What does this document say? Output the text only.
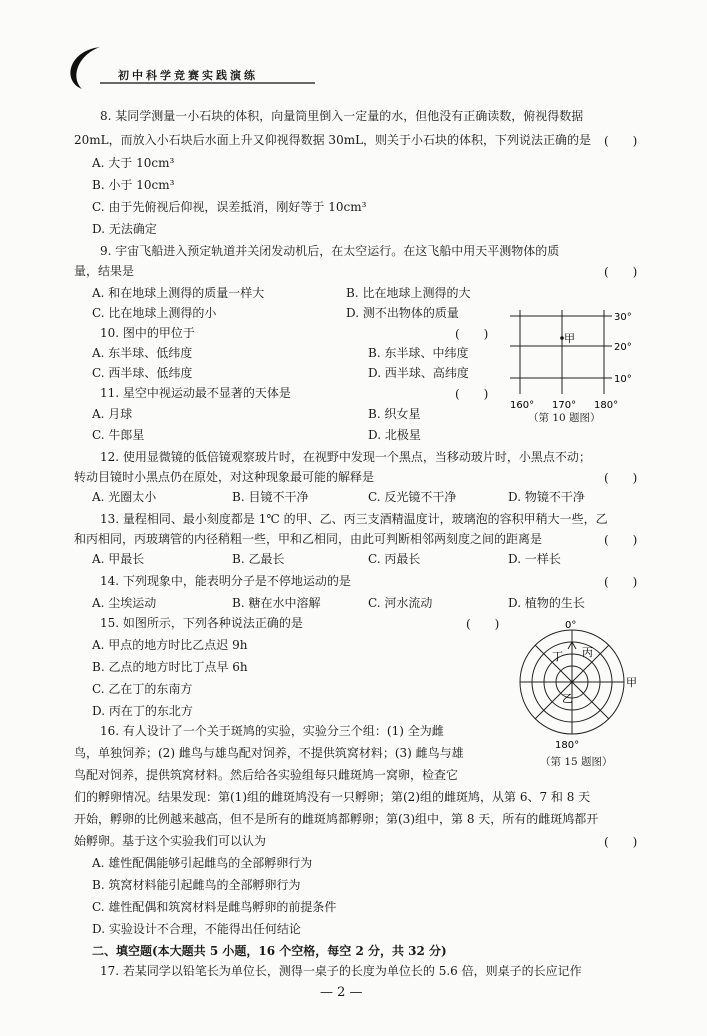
初中科学竞赛实践演练
8. 某同学测量一小石块的体积，向量筒里倒入一定量的水，但他没有正确读数，俯视得数据
20mL，而放入小石块后水面上升又仰视得数据 30mL，则关于小石块的体积，下列说法正确的是 (　　)
A. 大于 10cm³
B. 小于 10cm³
C. 由于先俯视后仰视，误差抵消，刚好等于 10cm³
D. 无法确定
9. 宇宙飞船进入预定轨道并关闭发动机后，在太空运行。在这飞船中用天平测物体的质
量，结果是	(　　)
A. 和在地球上测得的质量一样大	B. 比在地球上测得的大
C. 比在地球上测得的小	D. 测不出物体的质量
10. 图中的甲位于	(　　)
A. 东半球、低纬度	B. 东半球、中纬度
C. 西半球、低纬度	D. 西半球、高纬度
11. 星空中视运动最不显著的天体是	(　　)
A. 月球	B. 织女星
C. 牛郎星	D. 北极星
甲
30°
20°
10°
160° 170° 180°
（第 10 题图）
12. 使用显微镜的低倍镜观察玻片时，在视野中发现一个黑点，当移动玻片时，小黑点不动；
转动目镜时小黑点仍在原处，对这种现象最可能的解释是	(　　)
A. 光圈太小	B. 目镜不干净	C. 反光镜不干净	D. 物镜不干净
13. 量程相同、最小刻度都是 1℃ 的甲、乙、丙三支酒精温度计，玻璃泡的容积甲稍大一些，乙
和丙相同，丙玻璃管的内径稍粗一些，甲和乙相同，由此可判断相邻两刻度之间的距离是	(　　)
A. 甲最长	B. 乙最长	C. 丙最长	D. 一样长
14. 下列现象中，能表明分子是不停地运动的是	(　　)
A. 尘埃运动	B. 糖在水中溶解	C. 河水流动	D. 植物的生长
15. 如图所示，下列各种说法正确的是	(　　)
A. 甲点的地方时比乙点迟 9h
B. 乙点的地方时比丁点早 6h
C. 乙在丁的东南方
D. 丙在丁的东北方
0°
180°
丁 丙
乙
甲
（第 15 题图）
16. 有人设计了一个关于斑鸠的实验，实验分三个组：(1) 全为雌
鸟，单独饲养；(2) 雌鸟与雄鸟配对饲养，不提供筑窝材料；(3) 雌鸟与雄
鸟配对饲养，提供筑窝材料。然后给各实验组每只雌斑鸠一窝卵，检查它
们的孵卵情况。结果发现：第(1)组的雌斑鸠没有一只孵卵；第(2)组的雌斑鸠，从第 6、7 和 8 天
开始，孵卵的比例越来越高，但不是所有的雌斑鸠都孵卵；第(3)组中，第 8 天，所有的雌斑鸠都开
始孵卵。基于这个实验我们可以认为	(　　)
A. 雄性配偶能够引起雌鸟的全部孵卵行为
B. 筑窝材料能引起雌鸟的全部孵卵行为
C. 雄性配偶和筑窝材料是雌鸟孵卵的前提条件
D. 实验设计不合理，不能得出任何结论
二、填空题(本大题共 5 小题，16 个空格，每空 2 分，共 32 分)
17. 若某同学以铅笔长为单位长，测得一桌子的长度为单位长的 5.6 倍，则桌子的长应记作
— 2 —
